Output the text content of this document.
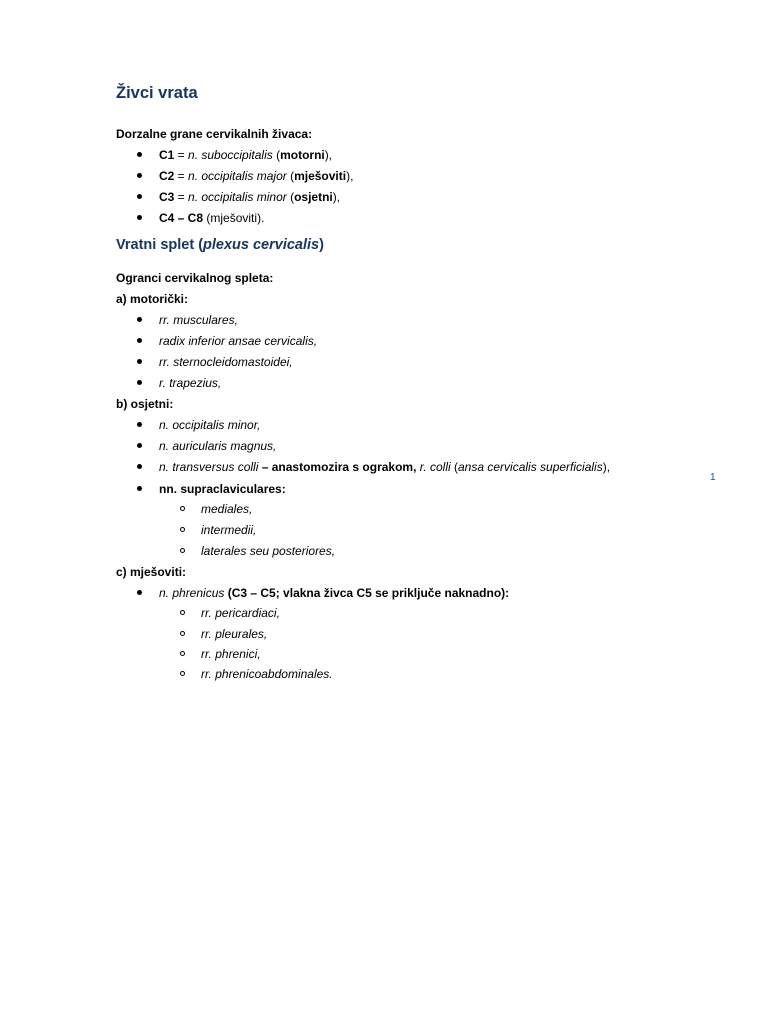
Živci vrata
Dorzalne grane cervikalnih živaca:
C1 = n. suboccipitalis (motorni),
C2 = n. occipitalis major (mješoviti),
C3 = n. occipitalis minor (osjetni),
C4 – C8 (mješoviti).
Vratni splet (plexus cervicalis)
Ogranci cervikalnog spleta:
a) motorički:
rr. musculares,
radix inferior ansae cervicalis,
rr. sternocleidomastoidei,
r. trapezius,
b) osjetni:
n. occipitalis minor,
n. auricularis magnus,
n. transversus colli – anastomozira s ograkom, r. colli (ansa cervicalis superficialis),
nn. supraclaviculares:
mediales,
intermedii,
laterales seu posteriores,
c) mješoviti:
n. phrenicus (C3 – C5; vlakna živca C5 se priključe naknadno):
rr. pericardiaci,
rr. pleurales,
rr. phrenici,
rr. phrenicoabdominales.
1
